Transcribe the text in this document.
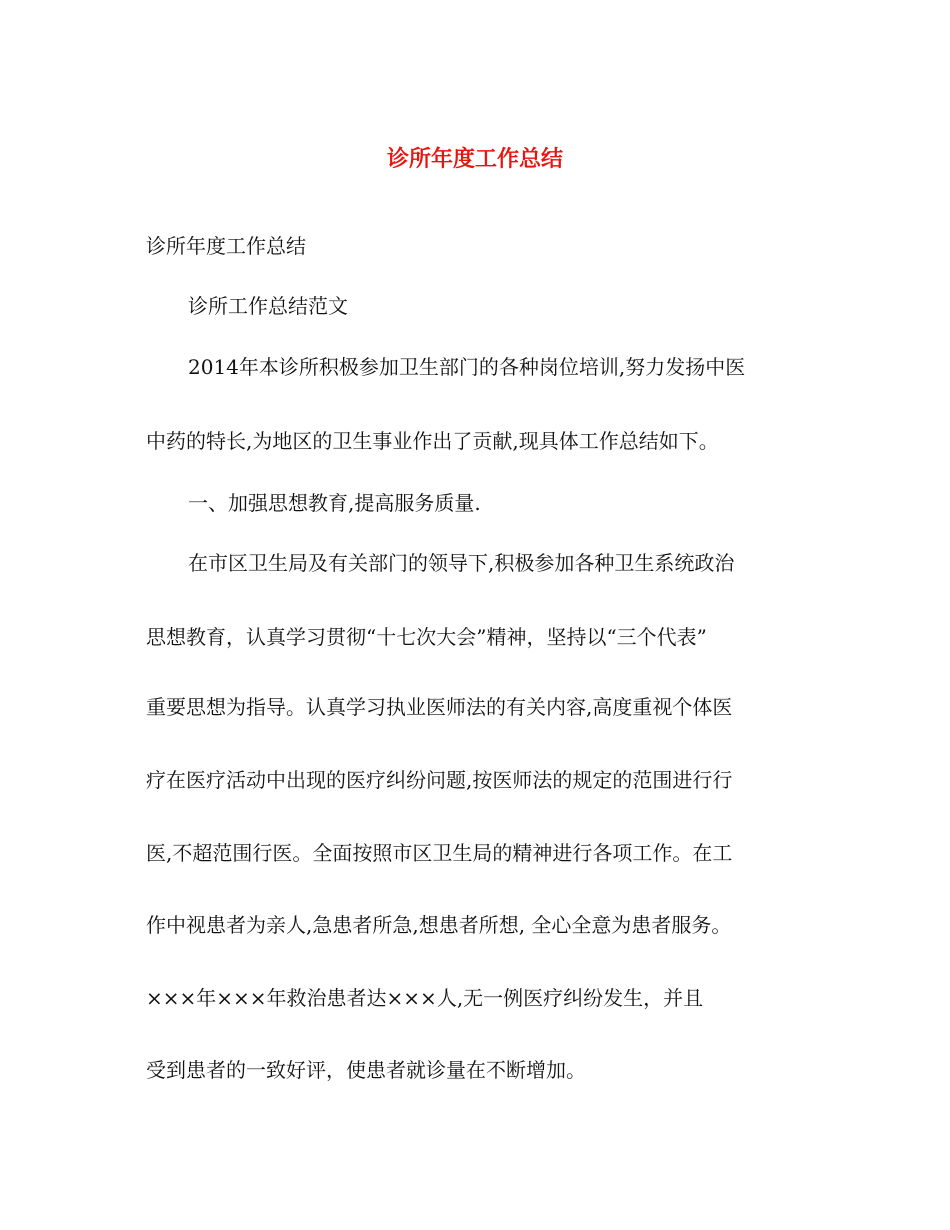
诊所年度工作总结

诊所年度工作总结

诊所工作总结范文

2014年本诊所积极参加卫生部门的各种岗位培训,努力发扬中医

中药的特长,为地区的卫生事业作出了贡献,现具体工作总结如下。

一、加强思想教育,提高服务质量.

在市区卫生局及有关部门的领导下,积极参加各种卫生系统政治

思想教育，认真学习贯彻“十七次大会”精神，坚持以“三个代表”

重要思想为指导。认真学习执业医师法的有关内容,高度重视个体医

疗在医疗活动中出现的医疗纠纷问题,按医师法的规定的范围进行行

医,不超范围行医。全面按照市区卫生局的精神进行各项工作。在工

作中视患者为亲人,急患者所急,想患者所想, 全心全意为患者服务。

×××年×××年救治患者达×××人,无一例医疗纠纷发生，并且

受到患者的一致好评，使患者就诊量在不断增加。
